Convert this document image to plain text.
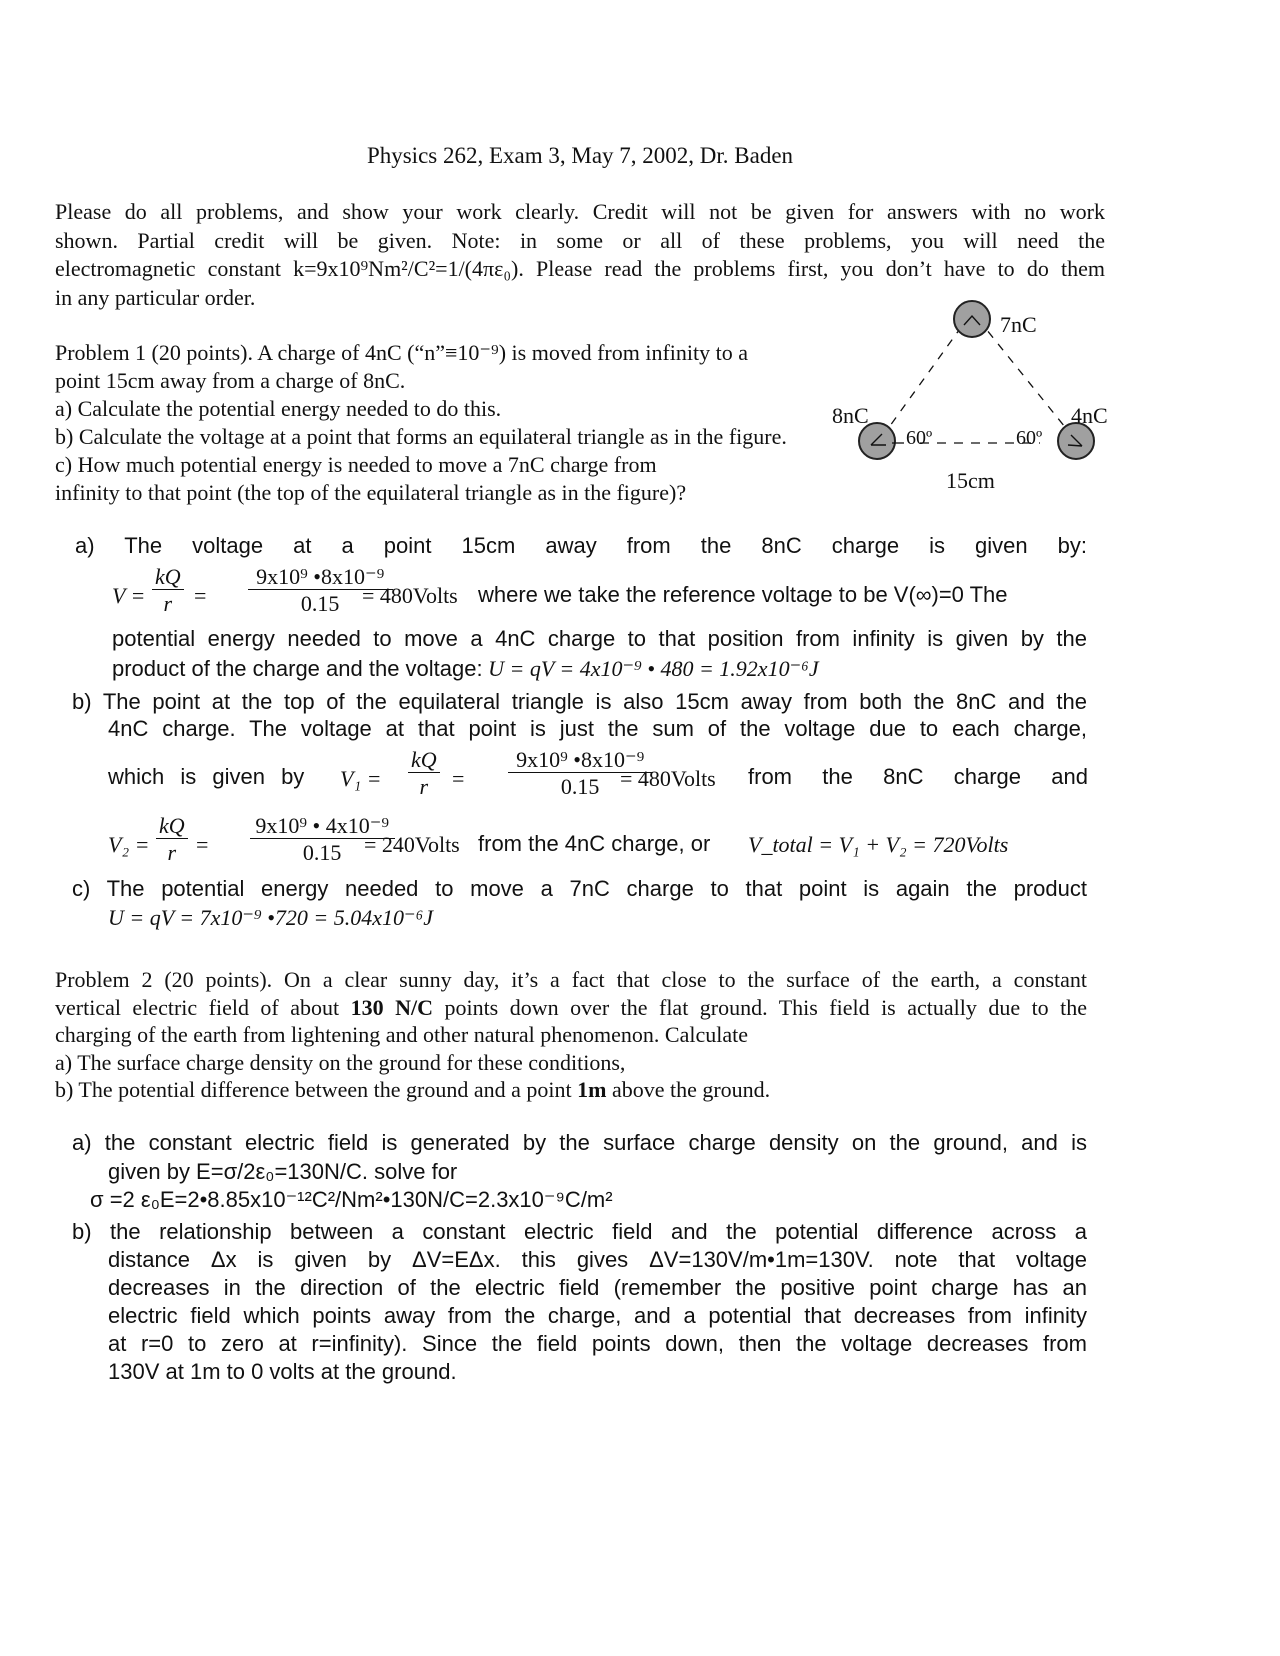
Physics 262, Exam 3, May 7, 2002, Dr. Baden
Please do all problems, and show your work clearly. Credit will not be given for answers with no work
shown. Partial credit will be given. Note: in some or all of these problems, you will need the
electromagnetic constant k=9x10⁹Nm²/C²=1/(4πε₀). Please read the problems first, you don’t have to do them
in any particular order.
Problem 1 (20 points). A charge of 4nC (“n”≡10⁻⁹) is moved from infinity to a
point 15cm away from a charge of 8nC.
a) Calculate the potential energy needed to do this.
b) Calculate the voltage at a point that forms an equilateral triangle as in the figure.
c) How much potential energy is needed to move a 7nC charge from
infinity to that point (the top of the equilateral triangle as in the figure)?
7nC
8nC	4nC
60º	60º
15cm
a) The voltage at a point 15cm away from the 8nC charge is given by:
$V = \frac{kQ}{r}$
= $\frac{\text{9x10⁹ •8x10⁻⁹}}{0.15}$
= 480Volts where we take the reference voltage to be V(∞)=0 The
potential energy needed to move a 4nC charge to that position from infinity is given by the
product of the charge and the voltage: U = qV = 4x10⁻⁹ • 480 = 1.92x10⁻⁶J
b) The point at the top of the equilateral triangle is also 15cm away from both the 8nC and the
4nC charge. The voltage at that point is just the sum of the voltage due to each charge,
which is given by $V_1 = \frac{kQ}{r}$
= $\frac{\text{9x10⁹ •8x10⁻⁹}}{0.15}$
= 480Volts from the 8nC charge and
$V_2 = \frac{kQ}{r}$
= $\frac{\text{9x10⁹ • 4x10⁻⁹}}{0.15}$
= 240Volts from the 4nC charge, or V_total = V₁ + V₂ = 720Volts
c) The potential energy needed to move a 7nC charge to that point is again the product
U = qV = 7x10⁻⁹ •720 = 5.04x10⁻⁶J
Problem 2 (20 points). On a clear sunny day, it’s a fact that close to the surface of the earth, a constant
vertical electric field of about 130 N/C points down over the flat ground. This field is actually due to the
charging of the earth from lightening and other natural phenomenon. Calculate
a) The surface charge density on the ground for these conditions,
b) The potential difference between the ground and a point 1m above the ground.
a) the constant electric field is generated by the surface charge density on the ground, and is
given by E=σ/2ε₀=130N/C. solve for
σ =2 ε₀E=2•8.85x10⁻¹²C²/Nm²•130N/C=2.3x10⁻⁹C/m²
b) the relationship between a constant electric field and the potential difference across a
distance Δx is given by ΔV=EΔx. this gives ΔV=130V/m•1m=130V. note that voltage
decreases in the direction of the electric field (remember the positive point charge has an
electric field which points away from the charge, and a potential that decreases from infinity
at r=0 to zero at r=infinity). Since the field points down, then the voltage decreases from
130V at 1m to 0 volts at the ground.
